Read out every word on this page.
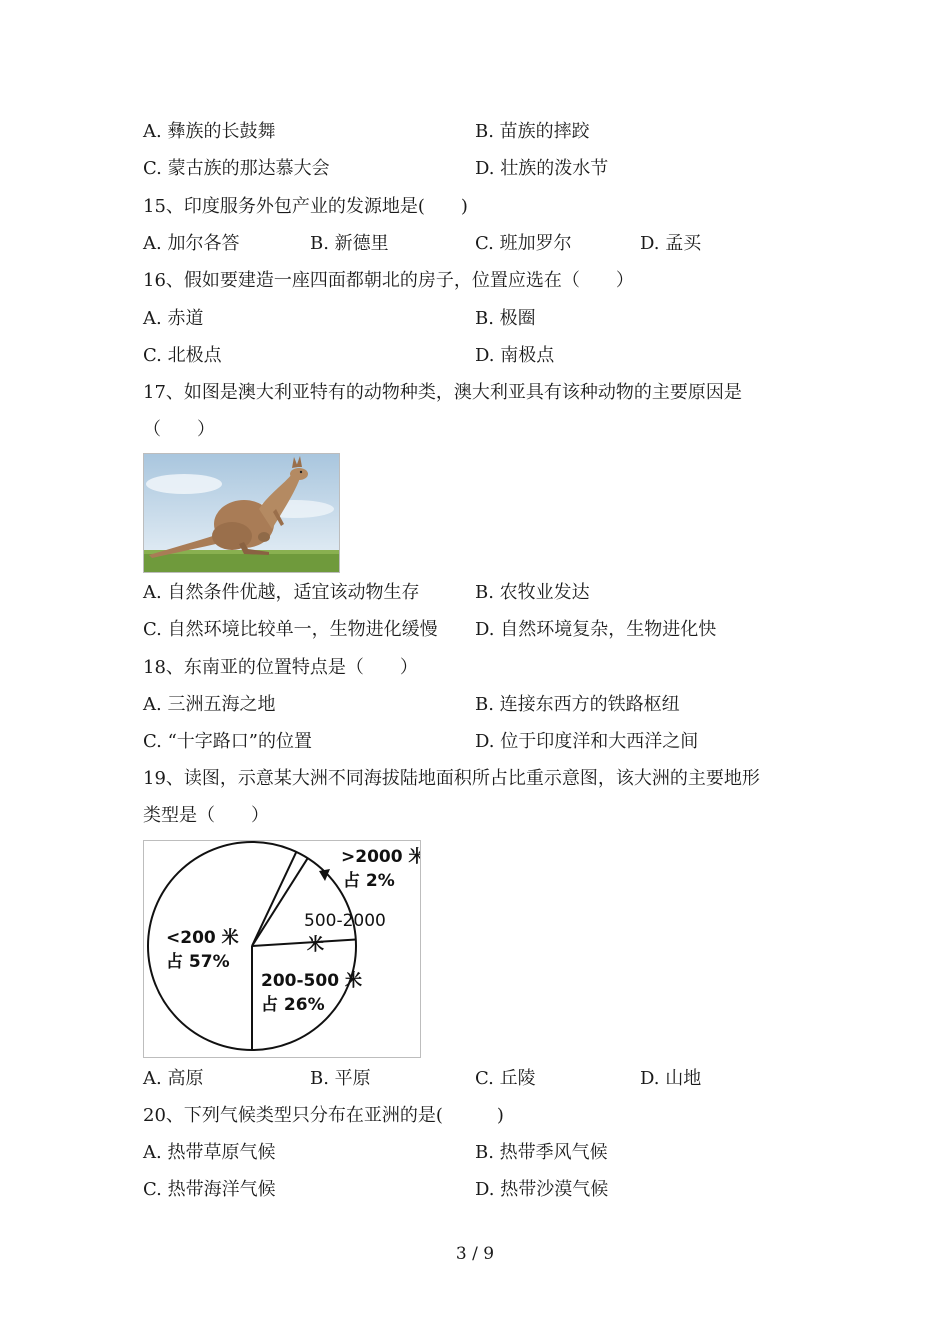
A. 彝族的长鼓舞	B. 苗族的摔跤
C. 蒙古族的那达慕大会	D. 壮族的泼水节
15、印度服务外包产业的发源地是(　　)
A. 加尔各答	B. 新德里	C. 班加罗尔	D. 孟买
16、假如要建造一座四面都朝北的房子，位置应选在（　　）
A. 赤道	B. 极圈
C. 北极点	D. 南极点
17、如图是澳大利亚特有的动物种类，澳大利亚具有该种动物的主要原因是
（　　）
A. 自然条件优越，适宜该动物生存	B. 农牧业发达
C. 自然环境比较单一，生物进化缓慢 D. 自然环境复杂，生物进化快
18、东南亚的位置特点是（　　）
A. 三洲五海之地	B. 连接东西方的铁路枢纽
C. “十字路口”的位置	D. 位于印度洋和大西洋之间
19、读图，示意某大洲不同海拔陆地面积所占比重示意图，该大洲的主要地形
类型是（　　）
>2000 米
占 2%
500-2000
米
200-500 米
占 26%
<200 米
占 57%
A. 高原	B. 平原	C. 丘陵	D. 山地
20、下列气候类型只分布在亚洲的是(　　　)
A. 热带草原气候	B. 热带季风气候
C. 热带海洋气候	D. 热带沙漠气候
3 / 9
